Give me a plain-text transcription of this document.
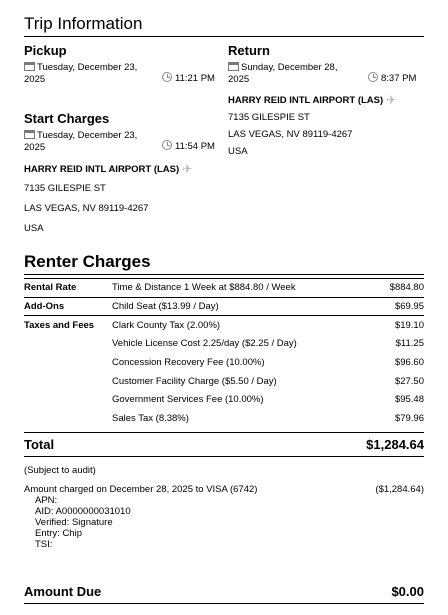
Trip Information
Pickup
Tuesday, December 23, 2025	11:21 PM
Return
Sunday, December 28, 2025	8:37 PM
HARRY REID INTL AIRPORT (LAS) ✈
7135 GILESPIE ST
LAS VEGAS, NV 89119-4267
USA
Start Charges
Tuesday, December 23, 2025	11:54 PM
HARRY REID INTL AIRPORT (LAS) ✈
7135 GILESPIE ST
LAS VEGAS, NV 89119-4267
USA
Renter Charges
Rental Rate	Time & Distance 1 Week at $884.80 / Week	$884.80
Add-Ons	Child Seat ($13.99 / Day)	$69.95
Taxes and Fees	Clark County Tax (2.00%)	$19.10
	Vehicle License Cost 2.25/day ($2.25 / Day)	$11.25
	Concession Recovery Fee (10.00%)	$96.60
	Customer Facility Charge ($5.50 / Day)	$27.50
	Government Services Fee (10.00%)	$95.48
	Sales Tax (8.38%)	$79.96
Total	$1,284.64
(Subject to audit)
Amount charged on December 28, 2025 to VISA (6742)	($1,284.64)
APN:
AID: A0000000031010
Verified: Signature
Entry: Chip
TSI:
Amount Due	$0.00
